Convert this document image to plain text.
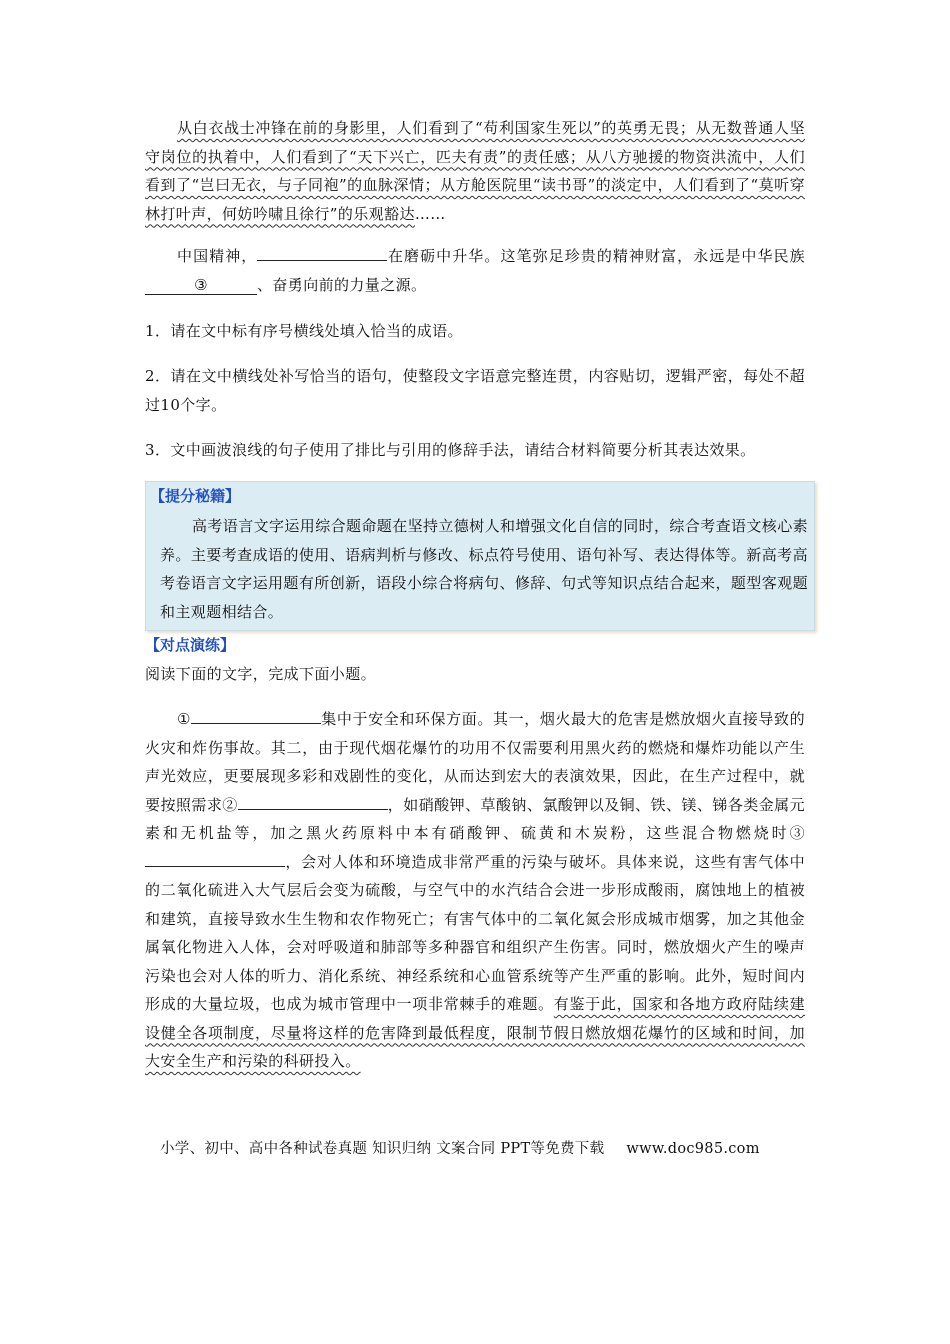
从白衣战士冲锋在前的身影里，人们看到了“苟利国家生死以”的英勇无畏；从无数普通人坚守岗位的执着中，人们看到了“天下兴亡，匹夫有责”的责任感；从八方驰援的物资洪流中，人们看到了“岂曰无衣，与子同袍”的血脉深情；从方舱医院里“读书哥”的淡定中，人们看到了“莫听穿林打叶声，何妨吟啸且徐行”的乐观豁达……

中国精神，	在磨砺中升华。这笔弥足珍贵的精神财富，永远是中华民族③	、奋勇向前的力量之源。

1．请在文中标有序号横线处填入恰当的成语。

2．请在文中横线处补写恰当的语句，使整段文字语意完整连贯，内容贴切，逻辑严密，每处不超过10个字。

3．文中画波浪线的句子使用了排比与引用的修辞手法，请结合材料简要分析其表达效果。

【提分秘籍】

高考语言文字运用综合题命题在坚持立德树人和增强文化自信的同时，综合考查语文核心素养。主要考查成语的使用、语病判析与修改、标点符号使用、语句补写、表达得体等。新高考高考卷语言文字运用题有所创新，语段小综合将病句、修辞、句式等知识点结合起来，题型客观题和主观题相结合。

【对点演练】

阅读下面的文字，完成下面小题。

①	集中于安全和环保方面。其一，烟火最大的危害是燃放烟火直接导致的火灾和炸伤事故。其二，由于现代烟花爆竹的功用不仅需要利用黑火药的燃烧和爆炸功能以产生声光效应，更要展现多彩和戏剧性的变化，从而达到宏大的表演效果，因此，在生产过程中，就要按照需求②	，如硝酸钾、草酸钠、氯酸钾以及铜、铁、镁、锑各类金属元素和无机盐等，加之黑火药原料中本有硝酸钾、硫黄和木炭粉，这些混合物燃烧时③，会对人体和环境造成非常严重的污染与破坏。具体来说，这些有害气体中的二氧化硫进入大气层后会变为硫酸，与空气中的水汽结合会进一步形成酸雨，腐蚀地上的植被和建筑，直接导致水生生物和农作物死亡；有害气体中的二氧化氮会形成城市烟雾，加之其他金属氧化物进入人体，会对呼吸道和肺部等多种器官和组织产生伤害。同时，燃放烟火产生的噪声污染也会对人体的听力、消化系统、神经系统和心血管系统等产生严重的影响。此外，短时间内形成的大量垃圾，也成为城市管理中一项非常棘手的难题。有鉴于此，国家和各地方政府陆续建设健全各项制度，尽量将这样的危害降到最低程度，限制节假日燃放烟花爆竹的区域和时间，加大安全生产和污染的科研投入。

小学、初中、高中各种试卷真题 知识归纳 文案合同 PPT等免费下载 www.doc985.com
